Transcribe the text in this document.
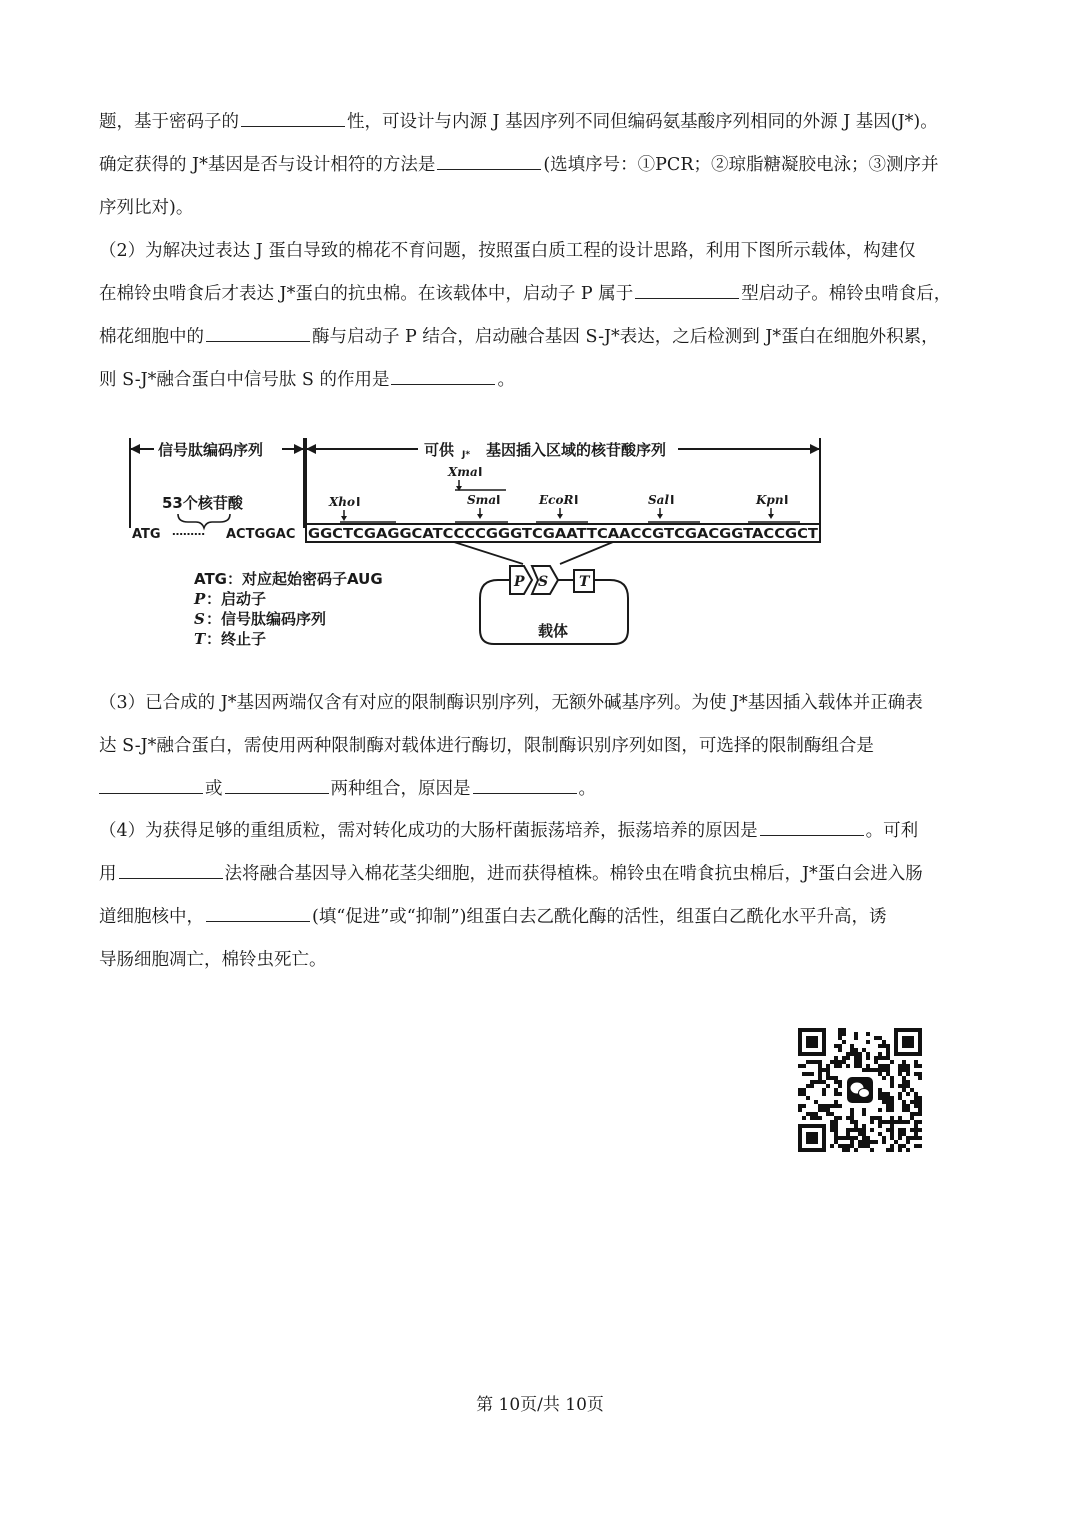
题，基于密码子的	性，可设计与内源 J 基因序列不同但编码氨基酸序列相同的外源 J 基因(J*)。
确定获得的 J*基因是否与设计相符的方法是	(选填序号：①PCR；②琼脂糖凝胶电泳；③测序并
序列比对)。
（2）为解决过表达 J 蛋白导致的棉花不育问题，按照蛋白质工程的设计思路，利用下图所示载体，构建仅
在棉铃虫啃食后才表达 J*蛋白的抗虫棉。在该载体中，启动子 P 属于	型启动子。棉铃虫啃食后，
棉花细胞中的	酶与启动子 P 结合，启动融合基因 S-J*表达，之后检测到 J*蛋白在细胞外积累，
则 S-J*融合蛋白中信号肽 S 的作用是	。
信号肽编码序列	可供 J* 基因插入区域的核苷酸序列
53个核苷酸
Xma I
Xho I	Sma I	EcoR I	Sal I	Kpn I
ATG ……… ACTGGAC GGCTCGAGGCATCCCCGGGTCGAATTCAACCGTCGACGGTACCGCT
P S T
载体
ATG：对应起始密码子AUG
P ：启动子
S ：信号肽编码序列
T ：终止子
（3）已合成的 J*基因两端仅含有对应的限制酶识别序列，无额外碱基序列。为使 J*基因插入载体并正确表
达 S-J*融合蛋白，需使用两种限制酶对载体进行酶切，限制酶识别序列如图，可选择的限制酶组合是
或	两种组合，原因是	。
（4）为获得足够的重组质粒，需对转化成功的大肠杆菌振荡培养，振荡培养的原因是	。可利
用	法将融合基因导入棉花茎尖细胞，进而获得植株。棉铃虫在啃食抗虫棉后，J*蛋白会进入肠
道细胞核中，	(填“促进”或“抑制”)组蛋白去乙酰化酶的活性，组蛋白乙酰化水平升高，诱
导肠细胞凋亡，棉铃虫死亡。
第 10页/共 10页
